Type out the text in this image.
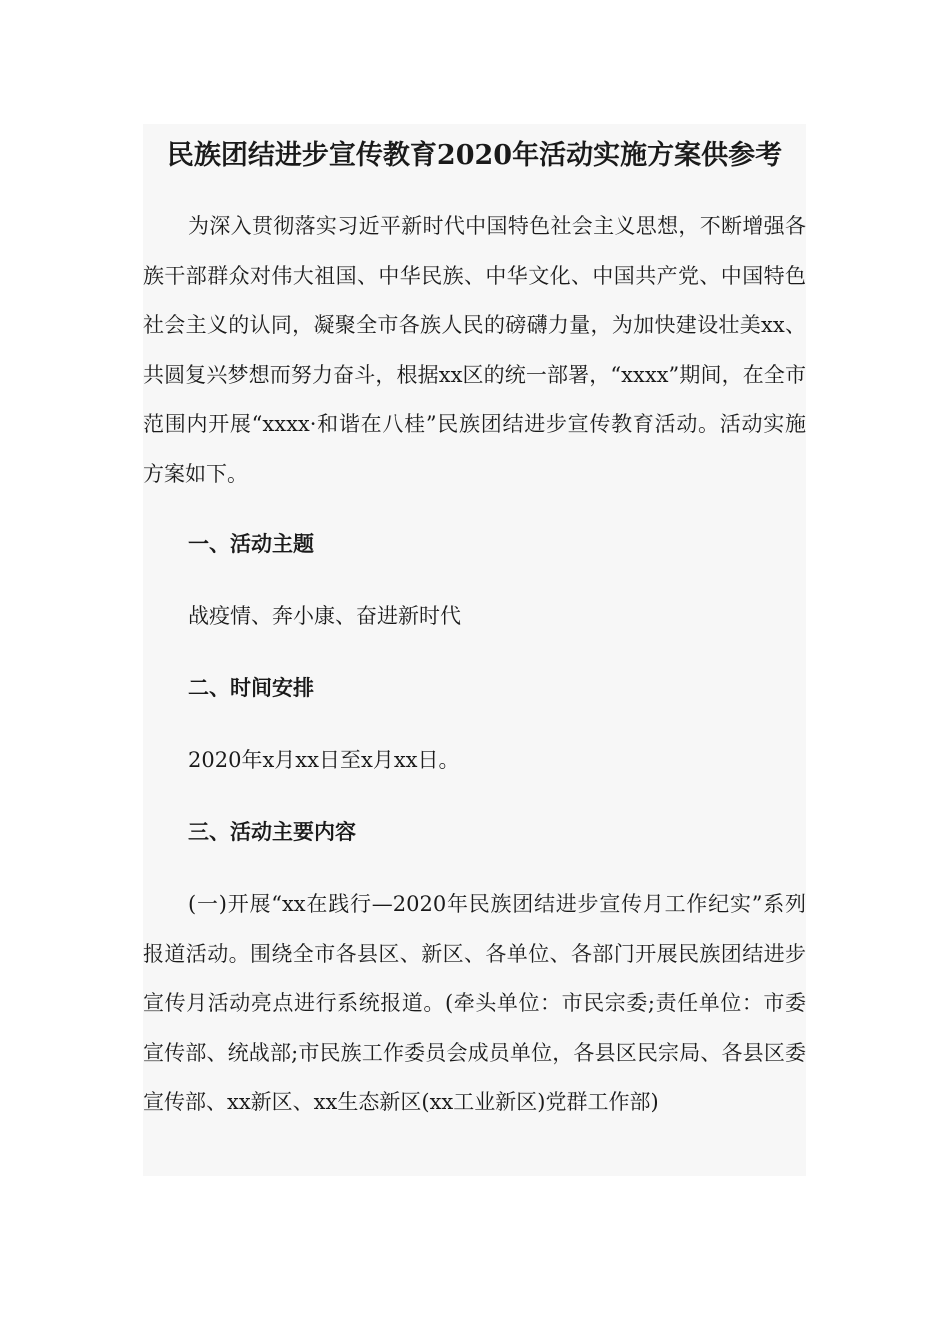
民族团结进步宣传教育2020年活动实施方案供参考

为深入贯彻落实习近平新时代中国特色社会主义思想，不断增强各族干部群众对伟大祖国、中华民族、中华文化、中国共产党、中国特色社会主义的认同，凝聚全市各族人民的磅礴力量，为加快建设壮美xx、共圆复兴梦想而努力奋斗，根据xx区的统一部署，“xxxx”期间，在全市范围内开展“xxxx·和谐在八桂”民族团结进步宣传教育活动。活动实施方案如下。

一、活动主题

战疫情、奔小康、奋进新时代

二、时间安排

2020年x月xx日至x月xx日。

三、活动主要内容

(一)开展“xx在践行—2020年民族团结进步宣传月工作纪实”系列报道活动。围绕全市各县区、新区、各单位、各部门开展民族团结进步宣传月活动亮点进行系统报道。(牵头单位：市民宗委;责任单位：市委宣传部、统战部;市民族工作委员会成员单位，各县区民宗局、各县区委宣传部、xx新区、xx生态新区(xx工业新区)党群工作部)
